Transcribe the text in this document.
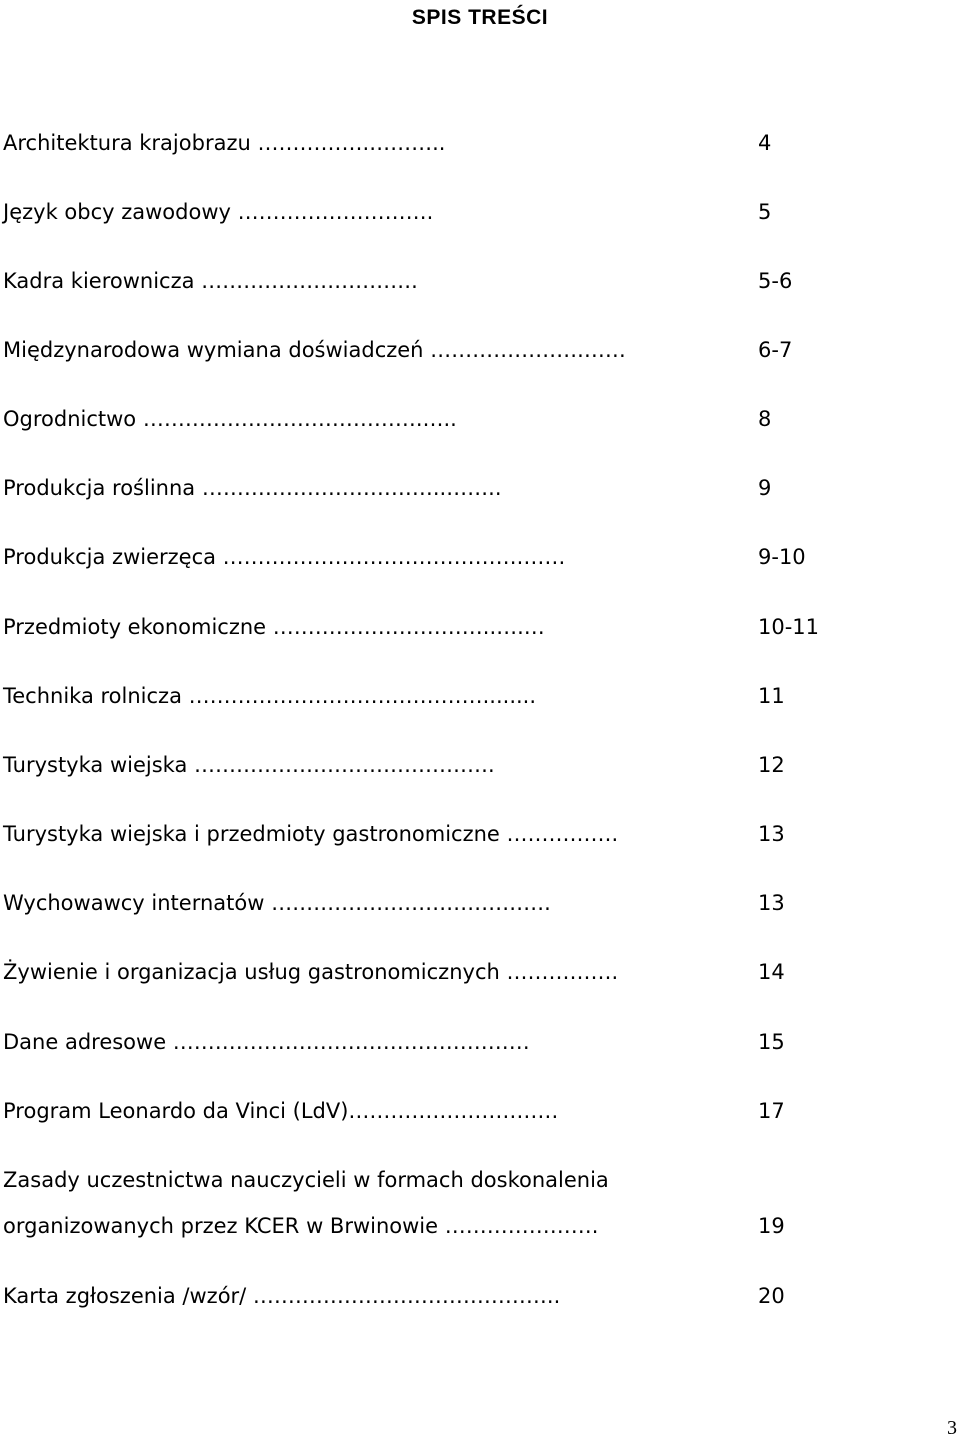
SPIS TREŚCI
Architektura krajobrazu …………….………..	4
Język obcy zawodowy ……………………….	5
Kadra kierownicza ………………………….	5-6
Międzynarodowa wymiana doświadczeń ………………….……	6-7
Ogrodnictwo ………………………………….…..	8
Produkcja roślinna ……………………………..……..	9
Produkcja zwierzęca …………………………………….……	9-10
Przedmioty ekonomiczne …………………………..….…	10-11
Technika rolnicza ……………………………………........	11
Turystyka wiejska …………………………………….	12
Turystyka wiejska i przedmioty gastronomiczne …………….	13
Wychowawcy internatów ………………………………….	13
Żywienie i organizacja usług gastronomicznych …………….	14
Dane adresowe ……………………………………………	15
Program Leonardo da Vinci (LdV)…………………………	17
Zasady uczestnictwa nauczycieli w formach doskonalenia
organizowanych przez KCER w Brwinowie ………………….	19
Karta zgłoszenia /wzór/ ……………………………………..	20
3
